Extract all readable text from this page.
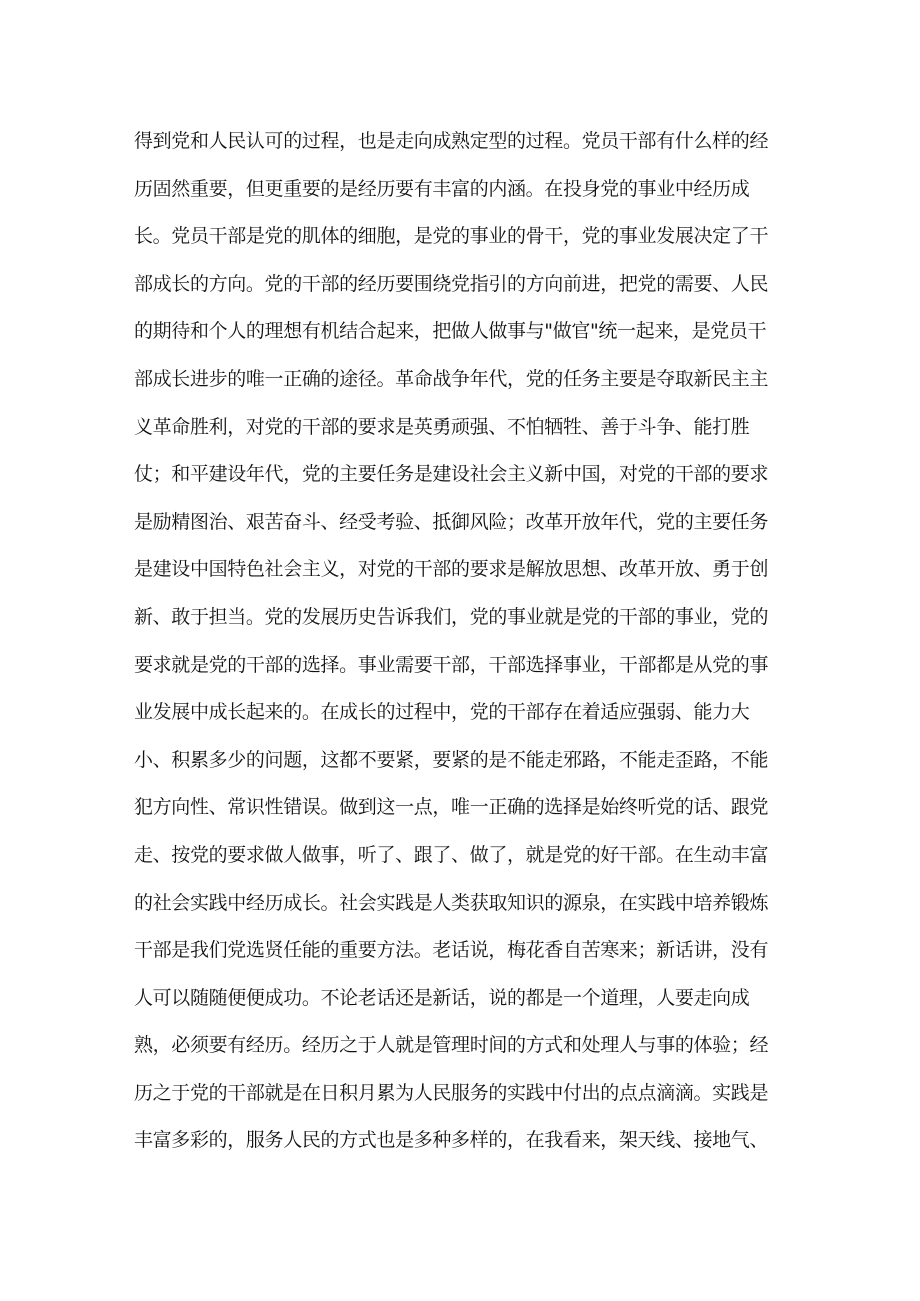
得到党和人民认可的过程，也是走向成熟定型的过程。党员干部有什么样的经
历固然重要，但更重要的是经历要有丰富的内涵。在投身党的事业中经历成
长。党员干部是党的肌体的细胞，是党的事业的骨干，党的事业发展决定了干
部成长的方向。党的干部的经历要围绕党指引的方向前进，把党的需要、人民
的期待和个人的理想有机结合起来，把做人做事与"做官"统一起来，是党员干
部成长进步的唯一正确的途径。革命战争年代，党的任务主要是夺取新民主主
义革命胜利，对党的干部的要求是英勇顽强、不怕牺牲、善于斗争、能打胜
仗；和平建设年代，党的主要任务是建设社会主义新中国，对党的干部的要求
是励精图治、艰苦奋斗、经受考验、抵御风险；改革开放年代，党的主要任务
是建设中国特色社会主义，对党的干部的要求是解放思想、改革开放、勇于创
新、敢于担当。党的发展历史告诉我们，党的事业就是党的干部的事业，党的
要求就是党的干部的选择。事业需要干部，干部选择事业，干部都是从党的事
业发展中成长起来的。在成长的过程中，党的干部存在着适应强弱、能力大
小、积累多少的问题，这都不要紧，要紧的是不能走邪路，不能走歪路，不能
犯方向性、常识性错误。做到这一点，唯一正确的选择是始终听党的话、跟党
走、按党的要求做人做事，听了、跟了、做了，就是党的好干部。在生动丰富
的社会实践中经历成长。社会实践是人类获取知识的源泉，在实践中培养锻炼
干部是我们党选贤任能的重要方法。老话说，梅花香自苦寒来；新话讲，没有
人可以随随便便成功。不论老话还是新话，说的都是一个道理，人要走向成
熟，必须要有经历。经历之于人就是管理时间的方式和处理人与事的体验；经
历之于党的干部就是在日积月累为人民服务的实践中付出的点点滴滴。实践是
丰富多彩的，服务人民的方式也是多种多样的，在我看来，架天线、接地气、
